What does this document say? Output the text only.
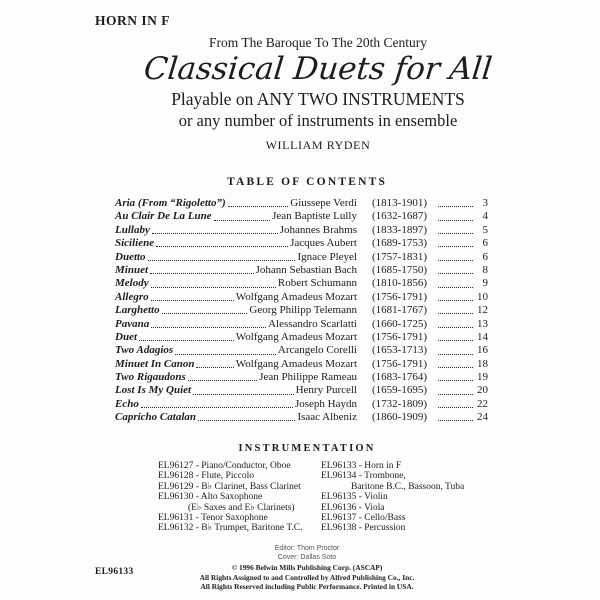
HORN IN F
From The Baroque To The 20th Century
Classical Duets for All
Playable on ANY TWO INSTRUMENTS
or any number of instruments in ensemble
WILLIAM RYDEN
TABLE OF CONTENTS
Aria (From “Rigoletto”)	Giussepe Verdi (1813-1901)	3
Au Clair De La Lune	Jean Baptiste Lully (1632-1687)	4
Lullaby	Johannes Brahms (1833-1897)	5
Siciliene	Jacques Aubert (1689-1753)	6
Duetto	Ignace Pleyel (1757-1831)	6
Minuet	Johann Sebastian Bach (1685-1750)	8
Melody	Robert Schumann (1810-1856)	9
Allegro	Wolfgang Amadeus Mozart (1756-1791)	10
Larghetto	Georg Philipp Telemann (1681-1767)	12
Pavana	Alessandro Scarlatti (1660-1725)	13
Duet	Wolfgang Amadeus Mozart (1756-1791)	14
Two Adagios	Arcangelo Corelli (1653-1713)	16
Minuet In Canon	Wolfgang Amadeus Mozart (1756-1791)	18
Two Rigaudons	Jean Philippe Rameau (1683-1764)	19
Lost Is My Quiet	Henry Purcell (1659-1695)	20
Echo	Joseph Haydn (1732-1809)	22
Capricho Catalan	Isaac Albeniz (1860-1909)	24
INSTRUMENTATION
EL96127 - Piano/Conductor, Oboe
EL96128 - Flute, Piccolo
EL96129 - B♭ Clarinet, Bass Clarinet
EL96130 - Alto Saxophone
(E♭ Saxes and E♭ Clarinets)
EL96131 - Tenor Saxophone
EL96132 - B♭ Trumpet, Baritone T.C.
EL96133 - Horn in F
EL96134 - Trombone,
Baritone B.C., Bassoon, Tuba
EL96135 - Violin
EL96136 - Viola
EL96137 - Cello/Bass
EL96138 - Percussion
Editor: Thom Proctor
Cover: Dallas Soto
© 1996 Belwin Mills Publishing Corp. (ASCAP)
All Rights Assigned to and Controlled by Alfred Publishing Co., Inc.
All Rights Reserved including Public Performance. Printed in USA.
EL96133
